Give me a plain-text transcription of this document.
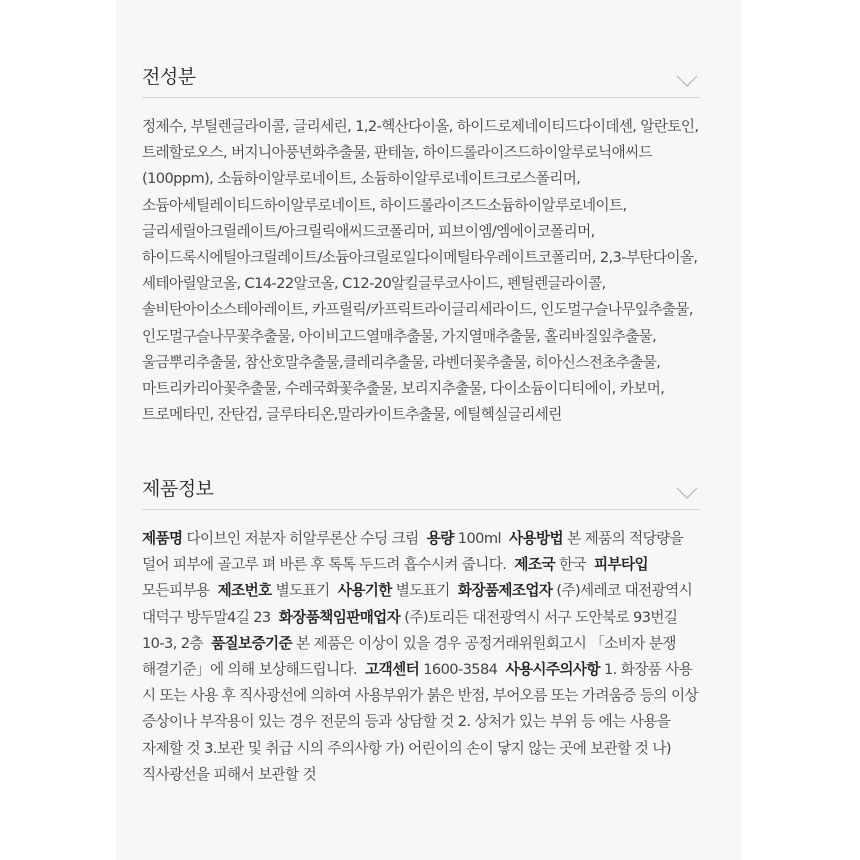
전성분
정제수, 부틸렌글라이콜, 글리세린, 1,2-헥산다이올, 하이드로제네이티드다이데센, 알란토인, 트레할로오스, 버지니아풍년화추출물, 판테놀, 하이드롤라이즈드하이알루로닉애씨드(100ppm), 소듐하이알루로네이트, 소듐하이알루로네이트크로스폴리머, 소듐아세틸레이티드하이알루로네이트, 하이드롤라이즈드소듐하이알루로네이트, 글리세릴아크릴레이트/아크릴릭애씨드코폴리머, 피브이엠/엠에이코폴리머, 하이드록시에틸아크릴레이트/소듐아크릴로일다이메틸타우레이트코폴리머, 2,3-부탄다이올, 세테아릴알코올, C14-22알코올, C12-20알킬글루코사이드, 펜틸렌글라이콜, 솔비탄아이소스테아레이트, 카프릴릭/카프릭트라이글리세라이드, 인도멀구슬나무잎추출물, 인도멀구슬나무꽃추출물, 아이비고드열매추출물, 가지열매추출물, 홀리바질잎추출물, 울금뿌리추출물, 참산호말추출물,클레리추출물, 라벤더꽃추출물, 히아신스전초추출물, 마트리카리아꽃추출물, 수레국화꽃추출물, 보리지추출물, 다이소듐이디티에이, 카보머, 트로메타민, 잔탄검, 글루타티온,말라카이트추출물, 에틸헥실글리세린
제품정보
제품명 다이브인 저분자 히알루론산 수딩 크림 용량 100ml 사용방법 본 제품의 적당량을 덜어 피부에 골고루 펴 바른 후 톡톡 두드려 흡수시켜 줍니다. 제조국 한국 피부타입 모든피부용 제조번호 별도표기 사용기한 별도표기 화장품제조업자 (주)세레코 대전광역시 대덕구 방두말4길 23 화장품책임판매업자 (주)토리든 대전광역시 서구 도안북로 93번길 10-3, 2층 품질보증기준 본 제품은 이상이 있을 경우 공정거래위원회고시 「소비자 분쟁 해결기준」에 의해 보상해드립니다. 고객센터 1600-3584 사용시주의사항 1. 화장품 사용 시 또는 사용 후 직사광선에 의하여 사용부위가 붉은 반점, 부어오름 또는 가려움증 등의 이상 증상이나 부작용이 있는 경우 전문의 등과 상담할 것 2. 상처가 있는 부위 등 에는 사용을 자제할 것 3.보관 및 취급 시의 주의사항 가) 어린이의 손이 닿지 않는 곳에 보관할 것 나) 직사광선을 피해서 보관할 것
